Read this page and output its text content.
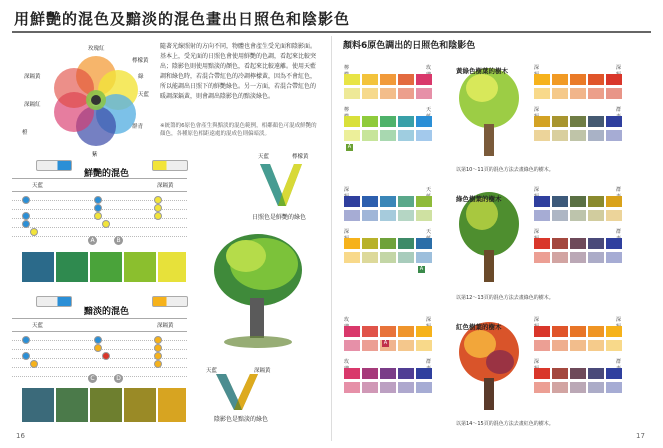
用鮮艷的混色及黯淡的混色畫出日照色和陰影色
玫瑰紅
檸檬黃
深鎘黃
天藍
群青
深鎘紅
紫
綠
橙
隨著光線照射的方向不同，物體也會產生受光面和陰影面。基本上，受光面的日照色會使用鮮艷的色調，看起來比較突出；陰影色則使用黯淡的顏色，看起來比較遠離。使用天藍調和綠色時，若混合帶紅色的冷調檸檬黃，因為不會紅色，所以能調出日照下的鮮艷綠色。另一方面，若混合帶紅色的暖調深鎘黃，則會調出陰影色的黯淡綠色。
※統籌的6原色會產生與黯淡的混色範例，相鄰顏色可混成鮮艷的顏色，各種原色相距遠處的混成色則偏暗淡。
鮮艷的混色
天藍	深鎘黃
A	B
黯淡的混色
天藍	深鎘黃
C	D
天藍	檸檬黃
日照色是鮮艷的綠色
天藍	深鎘黃
陰影色是黯淡的綠色
顏料6原色調出的日照色和陰影色
檸	玫
檸	天
A
黃綠色樹葉的樹木	深	深
深	群
以第10～11頁的混色方法去畫綠色的樹木。
深	天
深	天
A
綠色樹葉的樹木
深	群
深	群
以第12～13頁的混色方法去畫綠色的樹木。
玫	深
玫	群
A
紅色樹葉的樹木
深	深
深	群
以第14～15頁的混色方法去畫紅色的樹木。
16	17
